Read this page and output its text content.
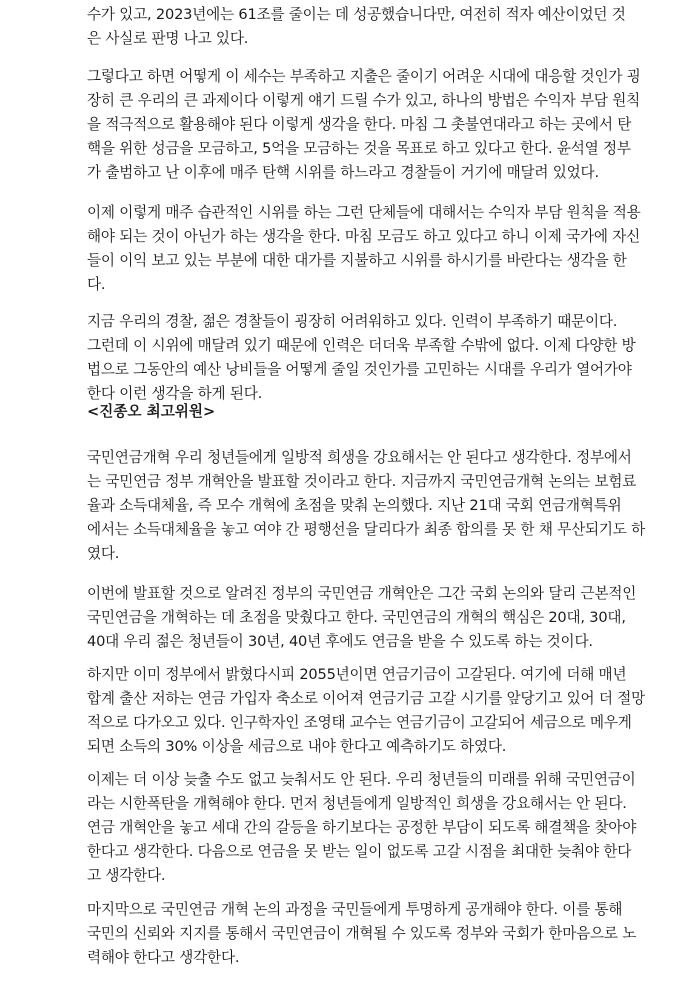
수가 있고, 2023년에는 61조를 줄이는 데 성공했습니다만, 여전히 적자 예산이었던 것
은 사실로 판명 나고 있다.

그렇다고 하면 어떻게 이 세수는 부족하고 지출은 줄이기 어려운 시대에 대응할 것인가 굉
장히 큰 우리의 큰 과제이다 이렇게 얘기 드릴 수가 있고, 하나의 방법은 수익자 부담 원칙
을 적극적으로 활용해야 된다 이렇게 생각을 한다. 마침 그 촛불연대라고 하는 곳에서 탄
핵을 위한 성금을 모금하고, 5억을 모금하는 것을 목표로 하고 있다고 한다. 윤석열 정부
가 출범하고 난 이후에 매주 탄핵 시위를 하느라고 경찰들이 거기에 매달려 있었다.

이제 이렇게 매주 습관적인 시위를 하는 그런 단체들에 대해서는 수익자 부담 원칙을 적용
해야 되는 것이 아닌가 하는 생각을 한다. 마침 모금도 하고 있다고 하니 이제 국가에 자신
들이 이익 보고 있는 부분에 대한 대가를 지불하고 시위를 하시기를 바란다는 생각을 한
다.

지금 우리의 경찰, 젊은 경찰들이 굉장히 어려워하고 있다. 인력이 부족하기 때문이다.
그런데 이 시위에 매달려 있기 때문에 인력은 더더욱 부족할 수밖에 없다. 이제 다양한 방
법으로 그동안의 예산 낭비들을 어떻게 줄일 것인가를 고민하는 시대를 우리가 열어가야
한다 이런 생각을 하게 된다.

<진종오 최고위원>

국민연금개혁 우리 청년들에게 일방적 희생을 강요해서는 안 된다고 생각한다. 정부에서
는 국민연금 정부 개혁안을 발표할 것이라고 한다. 지금까지 국민연금개혁 논의는 보험료
율과 소득대체율, 즉 모수 개혁에 초점을 맞춰 논의했다. 지난 21대 국회 연금개혁특위
에서는 소득대체율을 놓고 여야 간 평행선을 달리다가 최종 합의를 못 한 채 무산되기도 하
였다.

이번에 발표할 것으로 알려진 정부의 국민연금 개혁안은 그간 국회 논의와 달리 근본적인
국민연금을 개혁하는 데 초점을 맞췄다고 한다. 국민연금의 개혁의 핵심은 20대, 30대,
40대 우리 젊은 청년들이 30년, 40년 후에도 연금을 받을 수 있도록 하는 것이다.

하지만 이미 정부에서 밝혔다시피 2055년이면 연금기금이 고갈된다. 여기에 더해 매년
합계 출산 저하는 연금 가입자 축소로 이어져 연금기금 고갈 시기를 앞당기고 있어 더 절망
적으로 다가오고 있다. 인구학자인 조영태 교수는 연금기금이 고갈되어 세금으로 메우게
되면 소득의 30% 이상을 세금으로 내야 한다고 예측하기도 하였다.

이제는 더 이상 늦출 수도 없고 늦춰서도 안 된다. 우리 청년들의 미래를 위해 국민연금이
라는 시한폭탄을 개혁해야 한다. 먼저 청년들에게 일방적인 희생을 강요해서는 안 된다.
연금 개혁안을 놓고 세대 간의 갈등을 하기보다는 공정한 부담이 되도록 해결책을 찾아야
한다고 생각한다. 다음으로 연금을 못 받는 일이 없도록 고갈 시점을 최대한 늦춰야 한다
고 생각한다.

마지막으로 국민연금 개혁 논의 과정을 국민들에게 투명하게 공개해야 한다. 이를 통해
국민의 신뢰와 지지를 통해서 국민연금이 개혁될 수 있도록 정부와 국회가 한마음으로 노
력해야 한다고 생각한다.
